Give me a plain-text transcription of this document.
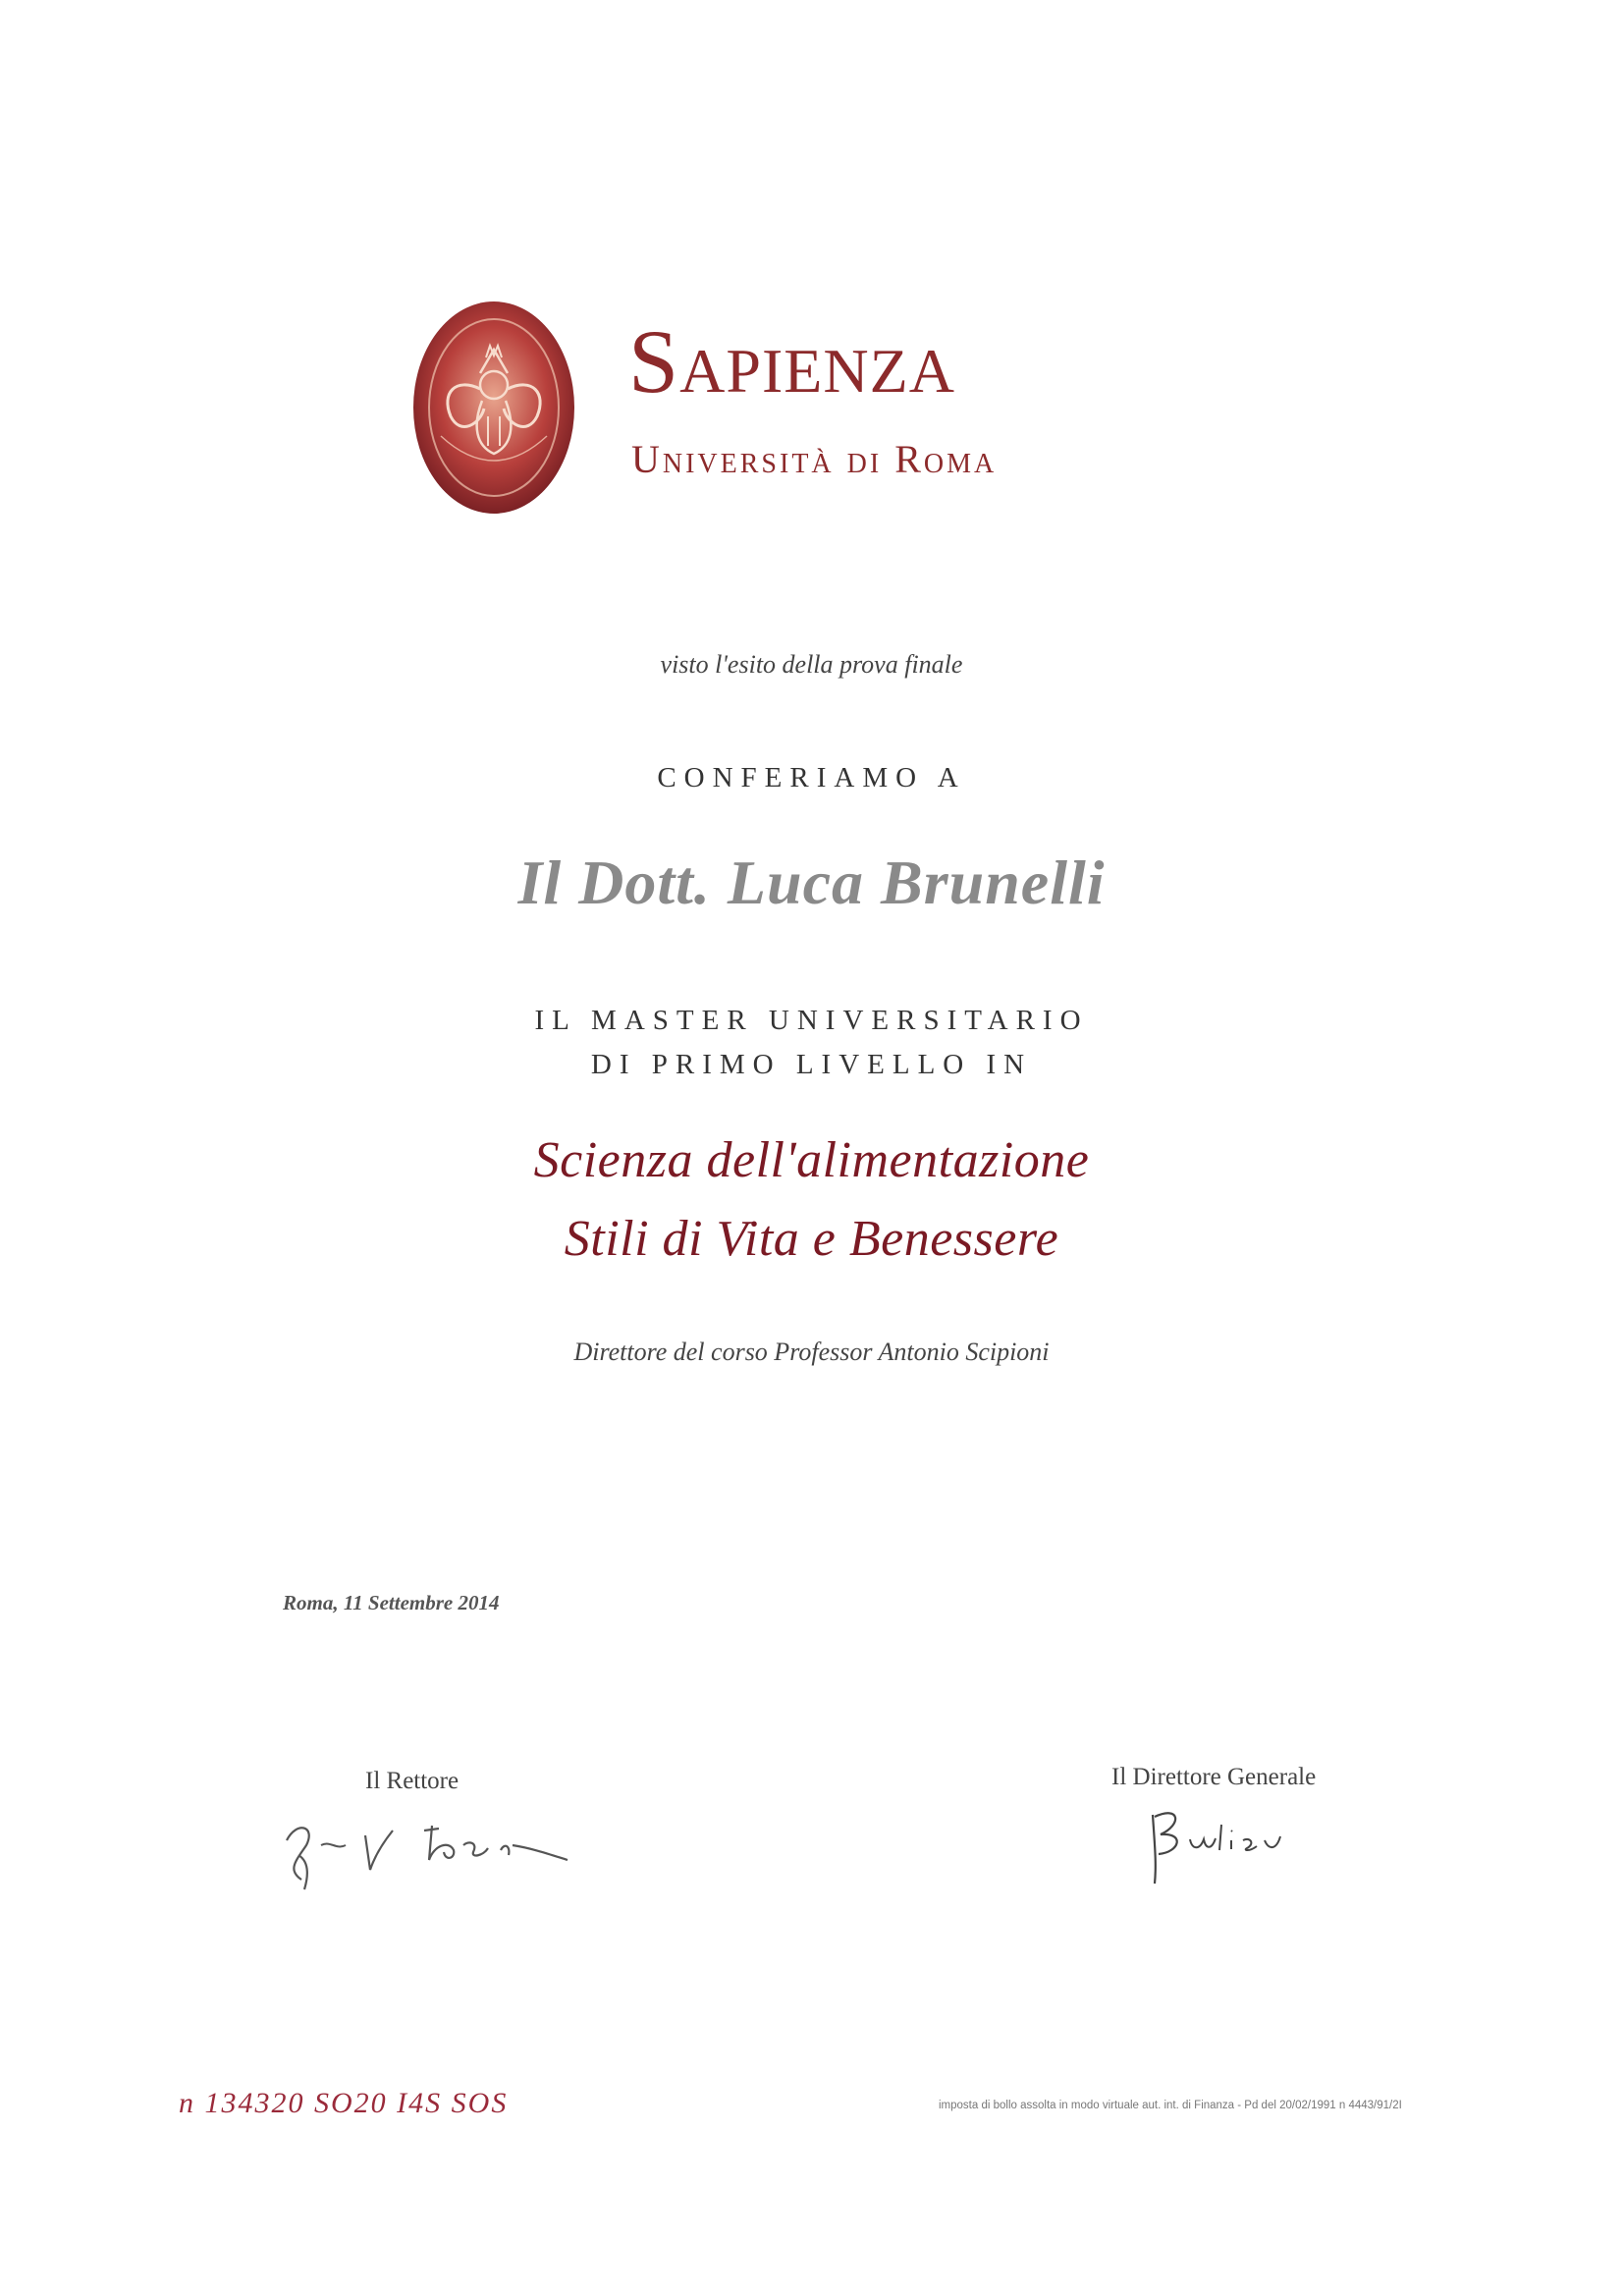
Sapienza
Università di Roma
visto l'esito della prova finale
CONFERIAMO A
Il Dott. Luca Brunelli
IL MASTER UNIVERSITARIO
DI PRIMO LIVELLO IN
Scienza dell'alimentazione
Stili di Vita e Benessere
Direttore del corso Professor Antonio Scipioni
Roma, 11 Settembre 2014
Il Rettore	Il Direttore Generale
n 134320 SO20 I4S SOS	imposta di bollo assolta in modo virtuale aut. int. di Finanza - Pd del 20/02/1991 n 4443/91/2I
